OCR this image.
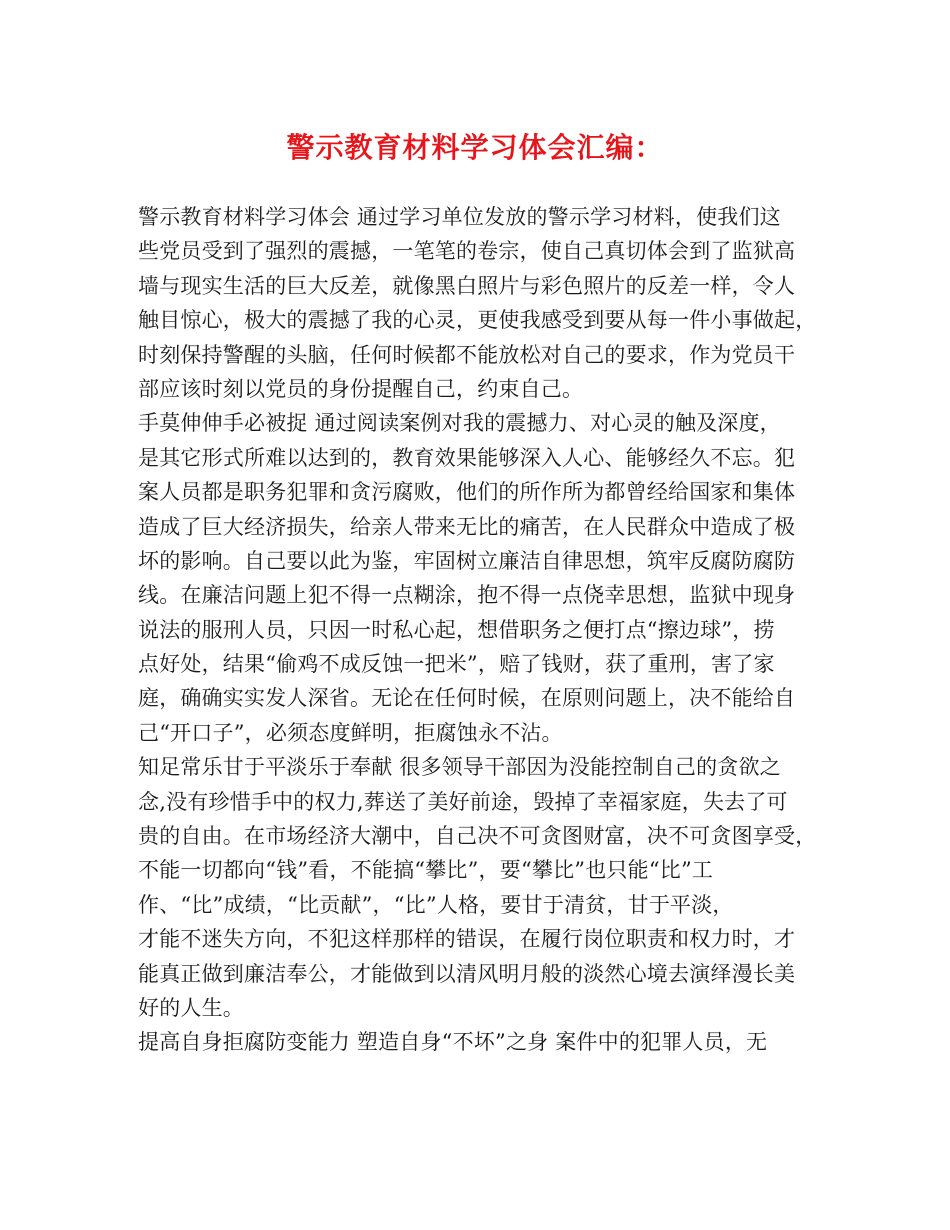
警示教育材料学习体会汇编：
警示教育材料学习体会 通过学习单位发放的警示学习材料，使我们这
些党员受到了强烈的震撼，一笔笔的卷宗，使自己真切体会到了监狱高
墙与现实生活的巨大反差，就像黑白照片与彩色照片的反差一样，令人
触目惊心，极大的震撼了我的心灵，更使我感受到要从每一件小事做起，
时刻保持警醒的头脑，任何时候都不能放松对自己的要求，作为党员干
部应该时刻以党员的身份提醒自己，约束自己。
手莫伸伸手必被捉 通过阅读案例对我的震撼力、对心灵的触及深度，
是其它形式所难以达到的，教育效果能够深入人心、能够经久不忘。犯
案人员都是职务犯罪和贪污腐败，他们的所作所为都曾经给国家和集体
造成了巨大经济损失，给亲人带来无比的痛苦，在人民群众中造成了极
坏的影响。自己要以此为鉴，牢固树立廉洁自律思想，筑牢反腐防腐防
线。在廉洁问题上犯不得一点糊涂，抱不得一点侥幸思想，监狱中现身
说法的服刑人员，只因一时私心起，想借职务之便打点“擦边球”，捞
点好处，结果“偷鸡不成反蚀一把米”，赔了钱财，获了重刑，害了家
庭，确确实实发人深省。无论在任何时候，在原则问题上，决不能给自
己“开口子”，必须态度鲜明，拒腐蚀永不沾。
知足常乐甘于平淡乐于奉献 很多领导干部因为没能控制自己的贪欲之
念,没有珍惜手中的权力,葬送了美好前途，毁掉了幸福家庭，失去了可
贵的自由。在市场经济大潮中，自己决不可贪图财富，决不可贪图享受，
不能一切都向“钱”看，不能搞“攀比”，要“攀比”也只能“比”工
作、“比”成绩，“比贡献”，“比”人格，要甘于清贫，甘于平淡，
才能不迷失方向，不犯这样那样的错误，在履行岗位职责和权力时，才
能真正做到廉洁奉公，才能做到以清风明月般的淡然心境去演绎漫长美
好的人生。
提高自身拒腐防变能力 塑造自身“不坏”之身 案件中的犯罪人员，无
